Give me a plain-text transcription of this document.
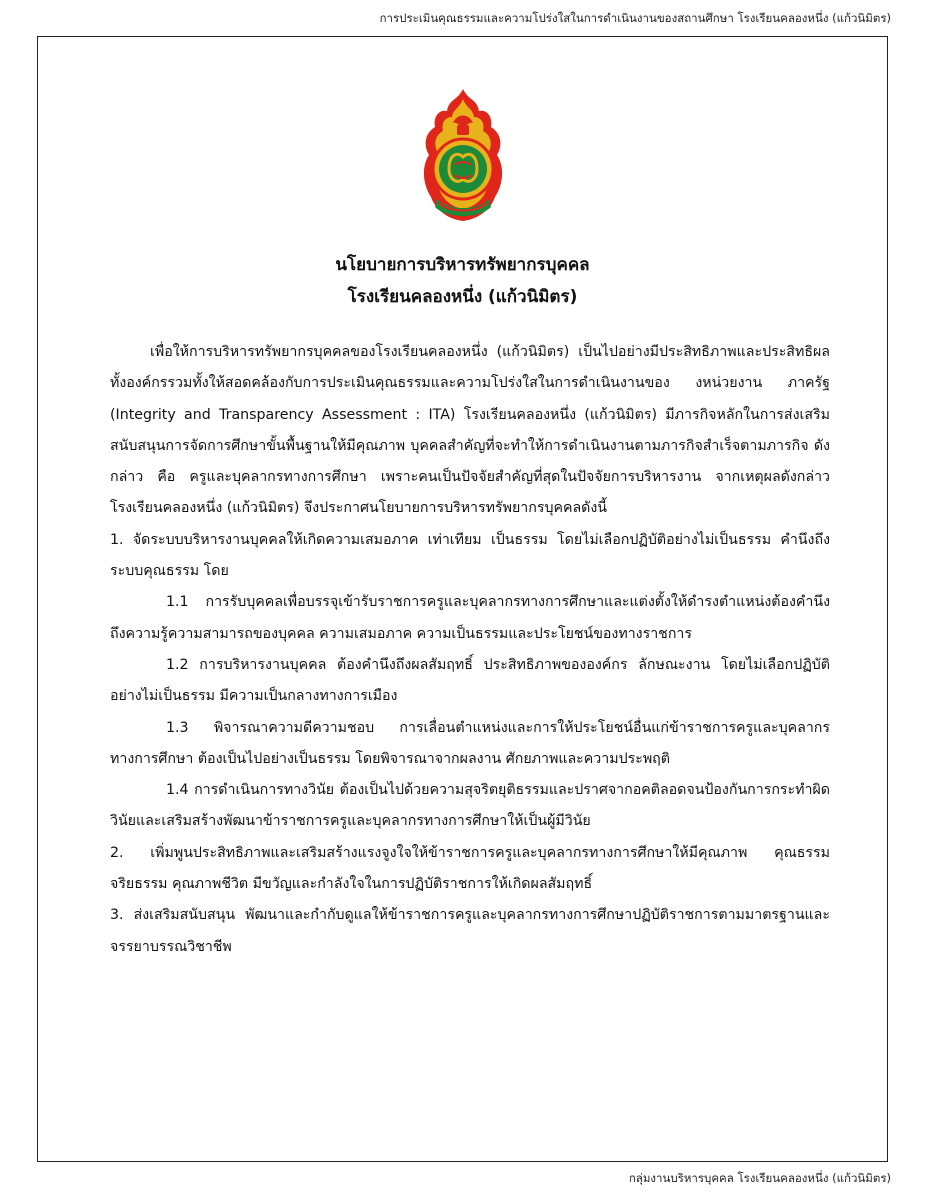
การประเมินคุณธรรมและความโปร่งใสในการดำเนินงานของสถานศึกษา โรงเรียนคลองหนึ่ง (แก้วนิมิตร)
นโยบายการบริหารทรัพยากรบุคคล
โรงเรียนคลองหนึ่ง (แก้วนิมิตร)

เพื่อให้การบริหารทรัพยากรบุคคลของโรงเรียนคลองหนึ่ง (แก้วนิมิตร) เป็นไปอย่างมีประสิทธิภาพและประสิทธิผลทั้งองค์กรรวมทั้งให้สอดคล้องกับการประเมินคุณธรรมและความโปร่งใสในการดำเนินงานของ งหน่วยงาน ภาครัฐ (Integrity and Transparency Assessment : ITA) โรงเรียนคลองหนึ่ง (แก้วนิมิตร) มีภารกิจหลักในการส่งเสริมสนับสนุนการจัดการศึกษาขั้นพื้นฐานให้มีคุณภาพ บุคคลสำคัญที่จะทำให้การดำเนินงานตามภารกิจสำเร็จตามภารกิจ ดังกล่าว คือ ครูและบุคลากรทางการศึกษา เพราะคนเป็นปัจจัยสำคัญที่สุดในปัจจัยการบริหารงาน จากเหตุผลดังกล่าว โรงเรียนคลองหนึ่ง (แก้วนิมิตร) จึงประกาศนโยบายการบริหารทรัพยากรบุคคลดังนี้

1. จัดระบบบริหารงานบุคคลให้เกิดความเสมอภาค เท่าเทียม เป็นธรรม โดยไม่เลือกปฏิบัติอย่างไม่เป็นธรรม คำนึงถึงระบบคุณธรรม โดย

1.1 การรับบุคคลเพื่อบรรจุเข้ารับราชการครูและบุคลากรทางการศึกษาและแต่งตั้งให้ดำรงตำแหน่งต้องคำนึงถึงความรู้ความสามารถของบุคคล ความเสมอภาค ความเป็นธรรมและประโยชน์ของทางราชการ

1.2 การบริหารงานบุคคล ต้องคำนึงถึงผลสัมฤทธิ์ ประสิทธิภาพขององค์กร ลักษณะงาน โดยไม่เลือกปฏิบัติอย่างไม่เป็นธรรม มีความเป็นกลางทางการเมือง

1.3 พิจารณาความดีความชอบ การเลื่อนตำแหน่งและการให้ประโยชน์อื่นแก่ข้าราชการครูและบุคลากรทางการศึกษา ต้องเป็นไปอย่างเป็นธรรม โดยพิจารณาจากผลงาน ศักยภาพและความประพฤติ

1.4 การดำเนินการทางวินัย ต้องเป็นไปด้วยความสุจริตยุติธรรมและปราศจากอคติลอดจนป้องกันการกระทำผิดวินัยและเสริมสร้างพัฒนาข้าราชการครูและบุคลากรทางการศึกษาให้เป็นผู้มีวินัย

2. เพิ่มพูนประสิทธิภาพและเสริมสร้างแรงจูงใจให้ข้าราชการครูและบุคลากรทางการศึกษาให้มีคุณภาพ คุณธรรมจริยธรรม คุณภาพชีวิต มีขวัญและกำลังใจในการปฏิบัติราชการให้เกิดผลสัมฤทธิ์

3. ส่งเสริมสนับสนุน พัฒนาและกำกับดูแลให้ข้าราชการครูและบุคลากรทางการศึกษาปฏิบัติราชการตามมาตรฐานและจรรยาบรรณวิชาชีพ

กลุ่มงานบริหารบุคคล โรงเรียนคลองหนึ่ง (แก้วนิมิตร)
